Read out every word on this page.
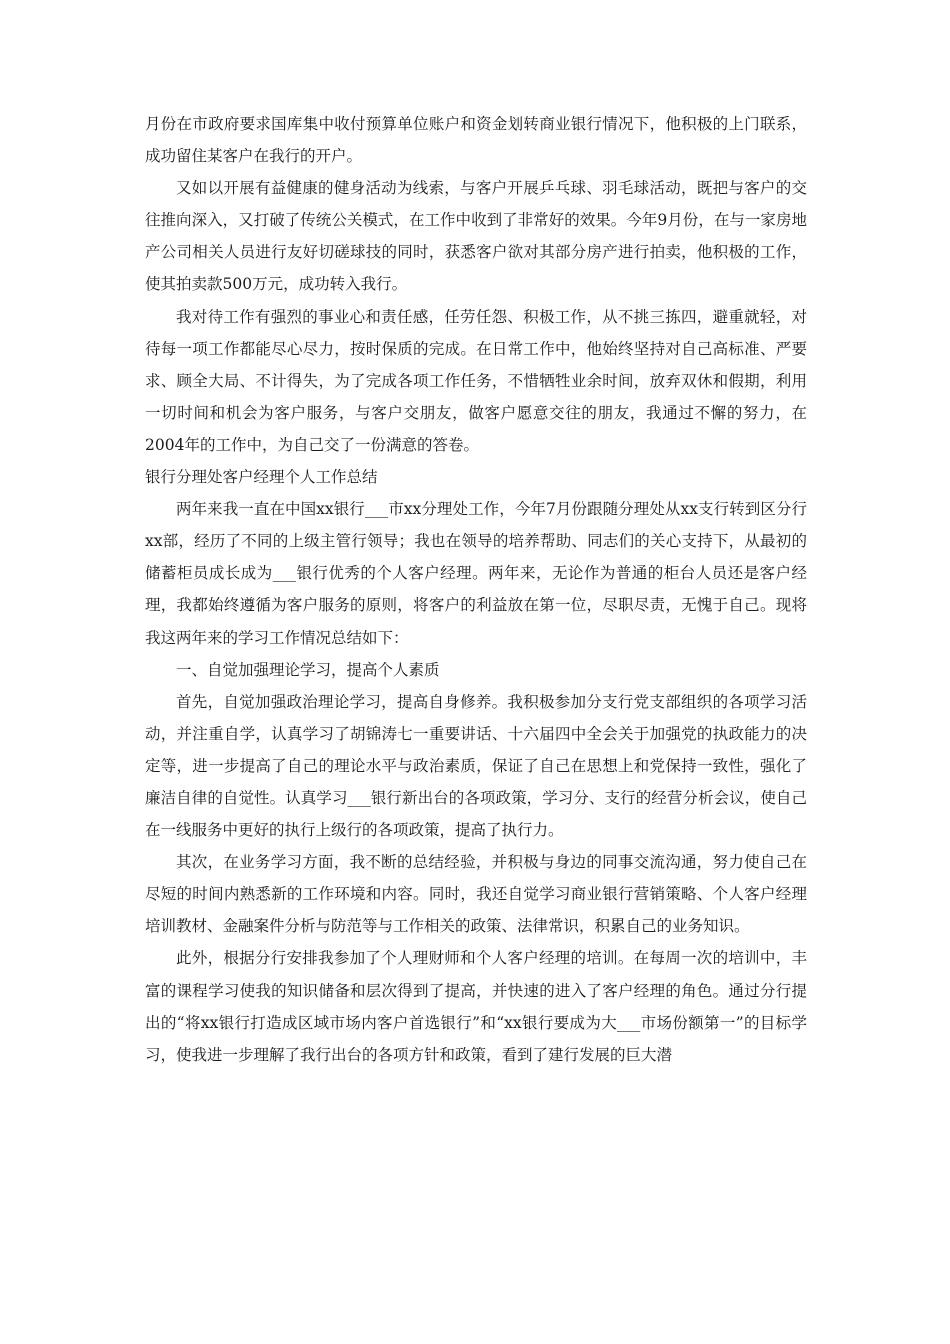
月份在市政府要求国库集中收付预算单位账户和资金划转商业银行情况下，他积极的上门联系，成功留住某客户在我行的开户。

又如以开展有益健康的健身活动为线索，与客户开展乒乓球、羽毛球活动，既把与客户的交往推向深入，又打破了传统公关模式，在工作中收到了非常好的效果。今年9月份，在与一家房地产公司相关人员进行友好切磋球技的同时，获悉客户欲对其部分房产进行拍卖，他积极的工作，使其拍卖款500万元，成功转入我行。

我对待工作有强烈的事业心和责任感，任劳任怨、积极工作，从不挑三拣四，避重就轻，对待每一项工作都能尽心尽力，按时保质的完成。在日常工作中，他始终坚持对自己高标准、严要求、顾全大局、不计得失，为了完成各项工作任务，不惜牺牲业余时间，放弃双休和假期，利用一切时间和机会为客户服务，与客户交朋友，做客户愿意交往的朋友，我通过不懈的努力，在2004年的工作中，为自己交了一份满意的答卷。

银行分理处客户经理个人工作总结

两年来我一直在中国xx银行___市xx分理处工作，今年7月份跟随分理处从xx支行转到区分行xx部，经历了不同的上级主管行领导；我也在领导的培养帮助、同志们的关心支持下，从最初的储蓄柜员成长成为___银行优秀的个人客户经理。两年来，无论作为普通的柜台人员还是客户经理，我都始终遵循为客户服务的原则，将客户的利益放在第一位，尽职尽责，无愧于自己。现将我这两年来的学习工作情况总结如下：

一、自觉加强理论学习，提高个人素质

首先，自觉加强政治理论学习，提高自身修养。我积极参加分支行党支部组织的各项学习活动，并注重自学，认真学习了胡锦涛七一重要讲话、十六届四中全会关于加强党的执政能力的决定等，进一步提高了自己的理论水平与政治素质，保证了自己在思想上和党保持一致性，强化了廉洁自律的自觉性。认真学习___银行新出台的各项政策，学习分、支行的经营分析会议，使自己在一线服务中更好的执行上级行的各项政策，提高了执行力。

其次，在业务学习方面，我不断的总结经验，并积极与身边的同事交流沟通，努力使自己在尽短的时间内熟悉新的工作环境和内容。同时，我还自觉学习商业银行营销策略、个人客户经理培训教材、金融案件分析与防范等与工作相关的政策、法律常识，积累自己的业务知识。

此外，根据分行安排我参加了个人理财师和个人客户经理的培训。在每周一次的培训中，丰富的课程学习使我的知识储备和层次得到了提高，并快速的进入了客户经理的角色。通过分行提出的“将xx银行打造成区域市场内客户首选银行”和“xx银行要成为大___市场份额第一”的目标学习，使我进一步理解了我行出台的各项方针和政策，看到了建行发展的巨大潜
